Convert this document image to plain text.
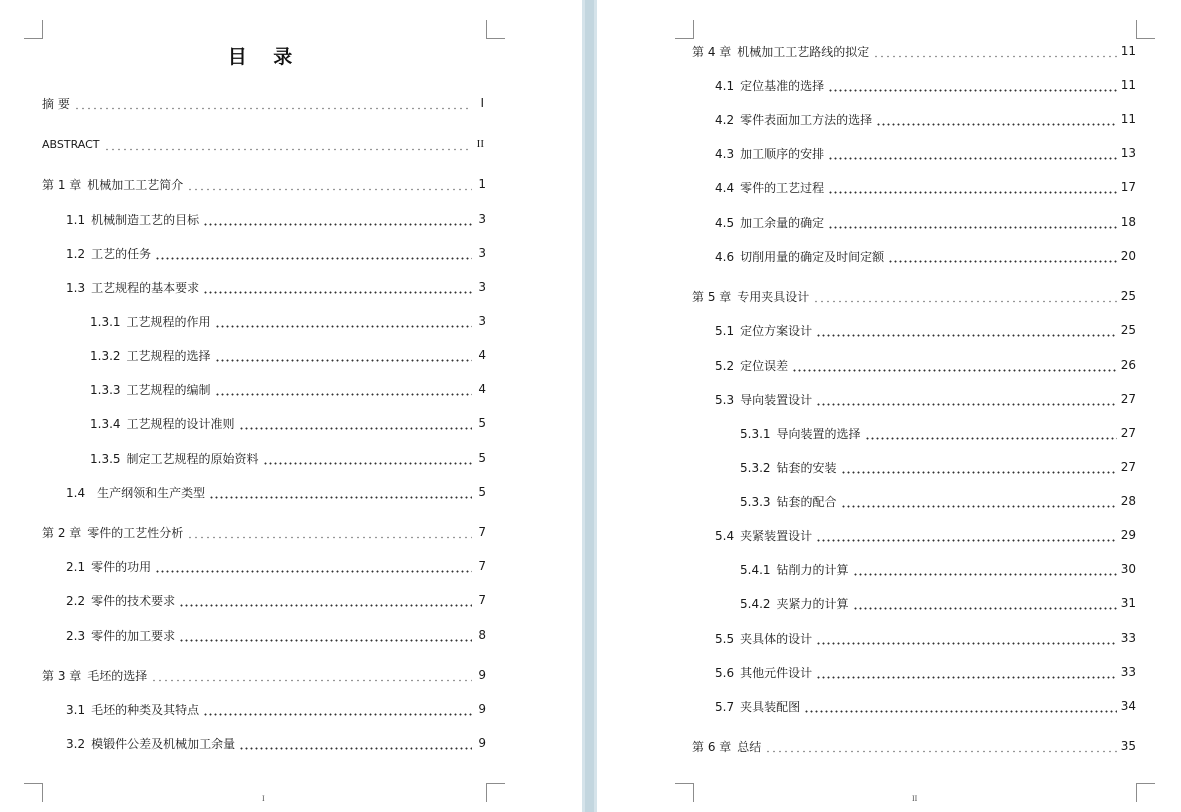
目 录
摘 要	I
ABSTRACT	II
第 1 章 机械加工工艺简介	1
1.1 机械制造工艺的目标	3
1.2 工艺的任务	3
1.3 工艺规程的基本要求	3
1.3.1 工艺规程的作用	3
1.3.2 工艺规程的选择	4
1.3.3 工艺规程的编制	4
1.3.4 工艺规程的设计准则	5
1.3.5 制定工艺规程的原始资料	5
1.4 生产纲领和生产类型	5
第 2 章 零件的工艺性分析	7
2.1 零件的功用	7
2.2 零件的技术要求	7
2.3 零件的加工要求	8
第 3 章 毛坯的选择	9
3.1 毛坯的种类及其特点	9
3.2 模锻件公差及机械加工余量	9
I
第 4 章 机械加工工艺路线的拟定	11
4.1 定位基准的选择	11
4.2 零件表面加工方法的选择	11
4.3 加工顺序的安排	13
4.4 零件的工艺过程	17
4.5 加工余量的确定	18
4.6 切削用量的确定及时间定额	20
第 5 章 专用夹具设计	25
5.1 定位方案设计	25
5.2 定位误差	26
5.3 导向装置设计	27
5.3.1 导向装置的选择	27
5.3.2 钻套的安装	27
5.3.3 钻套的配合	28
5.4 夹紧装置设计	29
5.4.1 钻削力的计算	30
5.4.2 夹紧力的计算	31
5.5 夹具体的设计	33
5.6 其他元件设计	33
5.7 夹具装配图	34
第 6 章 总结	35
II
